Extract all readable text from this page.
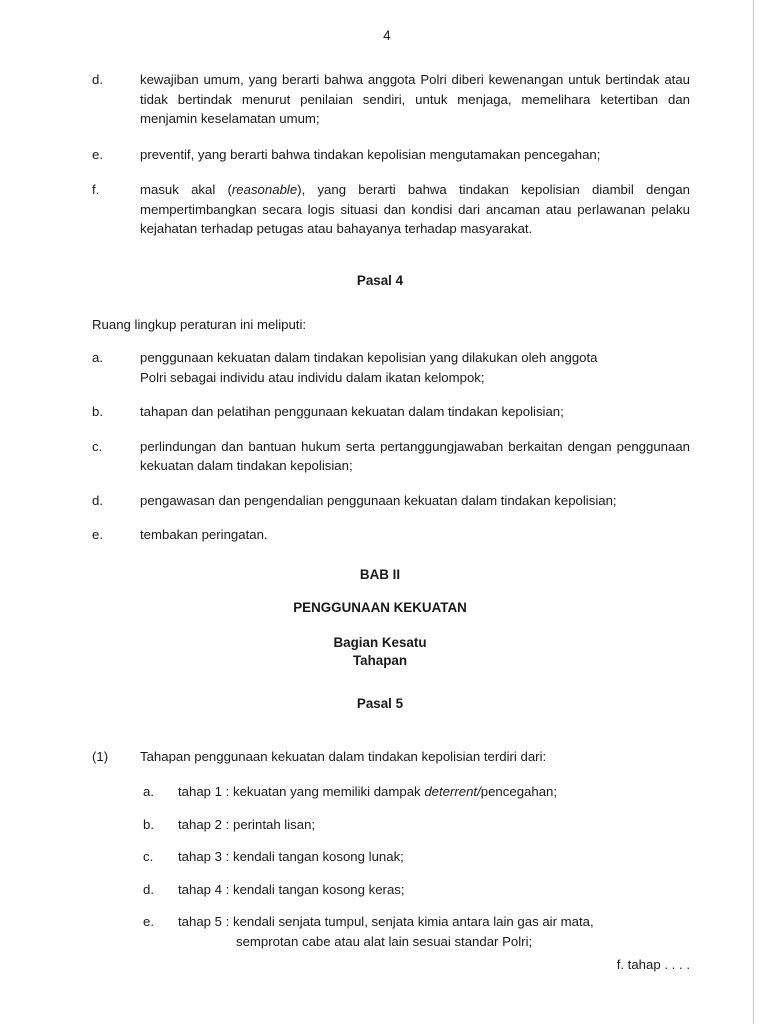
4
d.	kewajiban umum, yang berarti bahwa anggota Polri diberi kewenangan untuk bertindak atau tidak bertindak menurut penilaian sendiri, untuk menjaga, memelihara ketertiban dan menjamin keselamatan umum;
e.	preventif, yang berarti bahwa tindakan kepolisian mengutamakan pencegahan;
f.	masuk akal (reasonable), yang berarti bahwa tindakan kepolisian diambil dengan mempertimbangkan secara logis situasi dan kondisi dari ancaman atau perlawanan pelaku kejahatan terhadap petugas atau bahayanya terhadap masyarakat.
Pasal 4
Ruang lingkup peraturan ini meliputi:
a.	penggunaan kekuatan dalam tindakan kepolisian yang dilakukan oleh anggota
Polri sebagai individu atau individu dalam ikatan kelompok;
b.	tahapan dan pelatihan penggunaan kekuatan dalam tindakan kepolisian;
c.	perlindungan dan bantuan hukum serta pertanggungjawaban berkaitan dengan penggunaan kekuatan dalam tindakan kepolisian;
d.	pengawasan dan pengendalian penggunaan kekuatan dalam tindakan kepolisian;
e.	tembakan peringatan.
BAB II
PENGGUNAAN KEKUATAN
Bagian Kesatu
Tahapan
Pasal 5
(1)	Tahapan penggunaan kekuatan dalam tindakan kepolisian terdiri dari:
a.	tahap 1 : kekuatan yang memiliki dampak deterrent/pencegahan;
b.	tahap 2 : perintah lisan;
c.	tahap 3 : kendali tangan kosong lunak;
d.	tahap 4 : kendali tangan kosong keras;
e.	tahap 5 : kendali senjata tumpul, senjata kimia antara lain gas air mata,
semprotan cabe atau alat lain sesuai standar Polri;
f. tahap . . . .
